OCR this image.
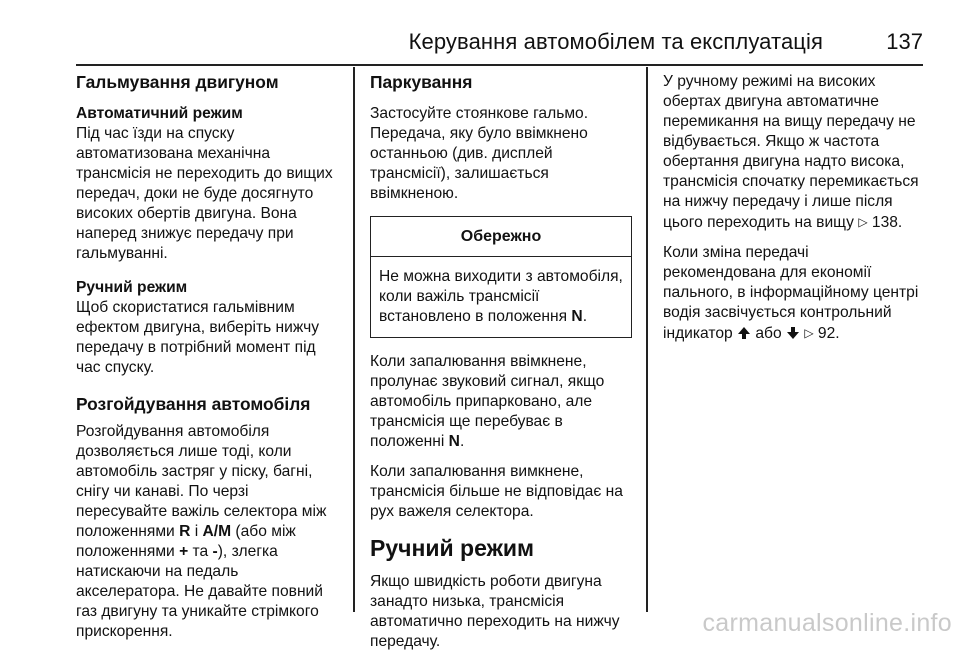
Керування автомобілем та експлуатація	137
Гальмування двигуном
Автоматичний режим

Під час їзди на спуску автоматизована механічна трансмісія не переходить до вищих передач, доки не буде досягнуто високих обертів двигуна. Вона наперед знижує передачу при гальмуванні.

Ручний режим

Щоб скористатися гальмівним ефектом двигуна, виберіть нижчу передачу в потрібний момент під час спуску.

Розгойдування автомобіля

Розгойдування автомобіля дозволяється лише тоді, коли автомобіль застряг у піску, багні, снігу чи канаві. По черзі пересувайте важіль селектора між положеннями R і A/M (або між положеннями + та -), злегка натискаючи на педаль акселератора. Не давайте повний газ двигуну та уникайте стрімкого прискорення.

Паркування

Застосуйте стоянкове гальмо. Передача, яку було ввімкнено останньою (див. дисплей трансмісії), залишається ввімкненою.

Обережно
Не можна виходити з автомобіля, коли важіль трансмісії встановлено в положення N.

Коли запалювання ввімкнене, пролунає звуковий сигнал, якщо автомобіль припарковано, але трансмісія ще перебуває в положенні N.

Коли запалювання вимкнене, трансмісія більше не відповідає на рух важеля селектора.

Ручний режим

Якщо швидкість роботи двигуна занадто низька, трансмісія автоматично переходить на нижчу передачу.

У ручному режимі на високих обертах двигуна автоматичне перемикання на вищу передачу не відбувається. Якщо ж частота обертання двигуна надто висока, трансмісія спочатку перемикається на нижчу передачу і лише після цього переходить на вищу ▷ 138.

Коли зміна передачі рекомендована для економії пального, в інформаційному центрі водія засвічується контрольний індикатор  або  ▷ 92.

carmanualsonline.info
